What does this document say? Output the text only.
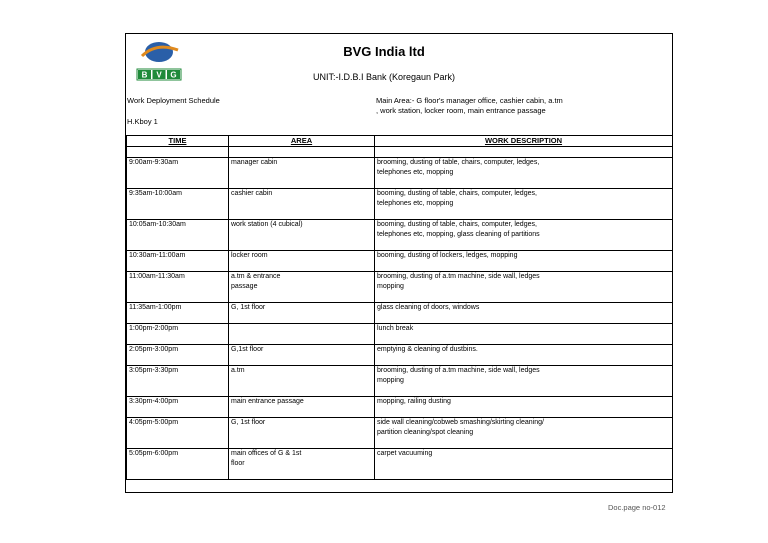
B V G
BVG India ltd
UNIT:-I.D.B.I Bank (Koregaun Park)
Work Deployment Schedule
H.Kboy 1
Main Area:- G floor's manager office, cashier cabin, a.tm
, work station, locker room, main entrance passage
TIME	AREA	WORK DESCRIPTION

9:00am-9:30am	manager cabin	brooming, dusting of table, chairs, computer, ledges,
		telephones etc, mopping

9:35am-10:00am	cashier cabin	booming, dusting of table, chairs, computer, ledges,
		telephones etc, mopping

10:05am-10:30am	work station (4 cubical)	booming, dusting of table, chairs, computer, ledges,
		telephones etc, mopping, glass cleaning of partitions

10:30am-11:00am	locker room	booming, dusting of lockers, ledges, mopping

11:00am-11:30am	a.tm & entrance	brooming, dusting of a.tm machine, side wall, ledges
	passage	mopping

11:35am-1:00pm	G, 1st floor	glass cleaning of doors, windows

1:00pm-2:00pm		lunch break

2:05pm-3:00pm	G,1st floor	emptying & cleaning of dustbins.

3:05pm-3:30pm	a.tm	brooming, dusting of a.tm machine, side wall, ledges
		mopping

3:30pm-4:00pm	main entrance passage	mopping, railing dusting

4:05pm-5:00pm	G, 1st floor	side wall cleaning/cobweb smashing/skirting cleaning/
		partition cleaning/spot cleaning

5:05pm-6:00pm	main offices of G & 1st	carpet vacuuming
	floor	

Doc.page no-012
